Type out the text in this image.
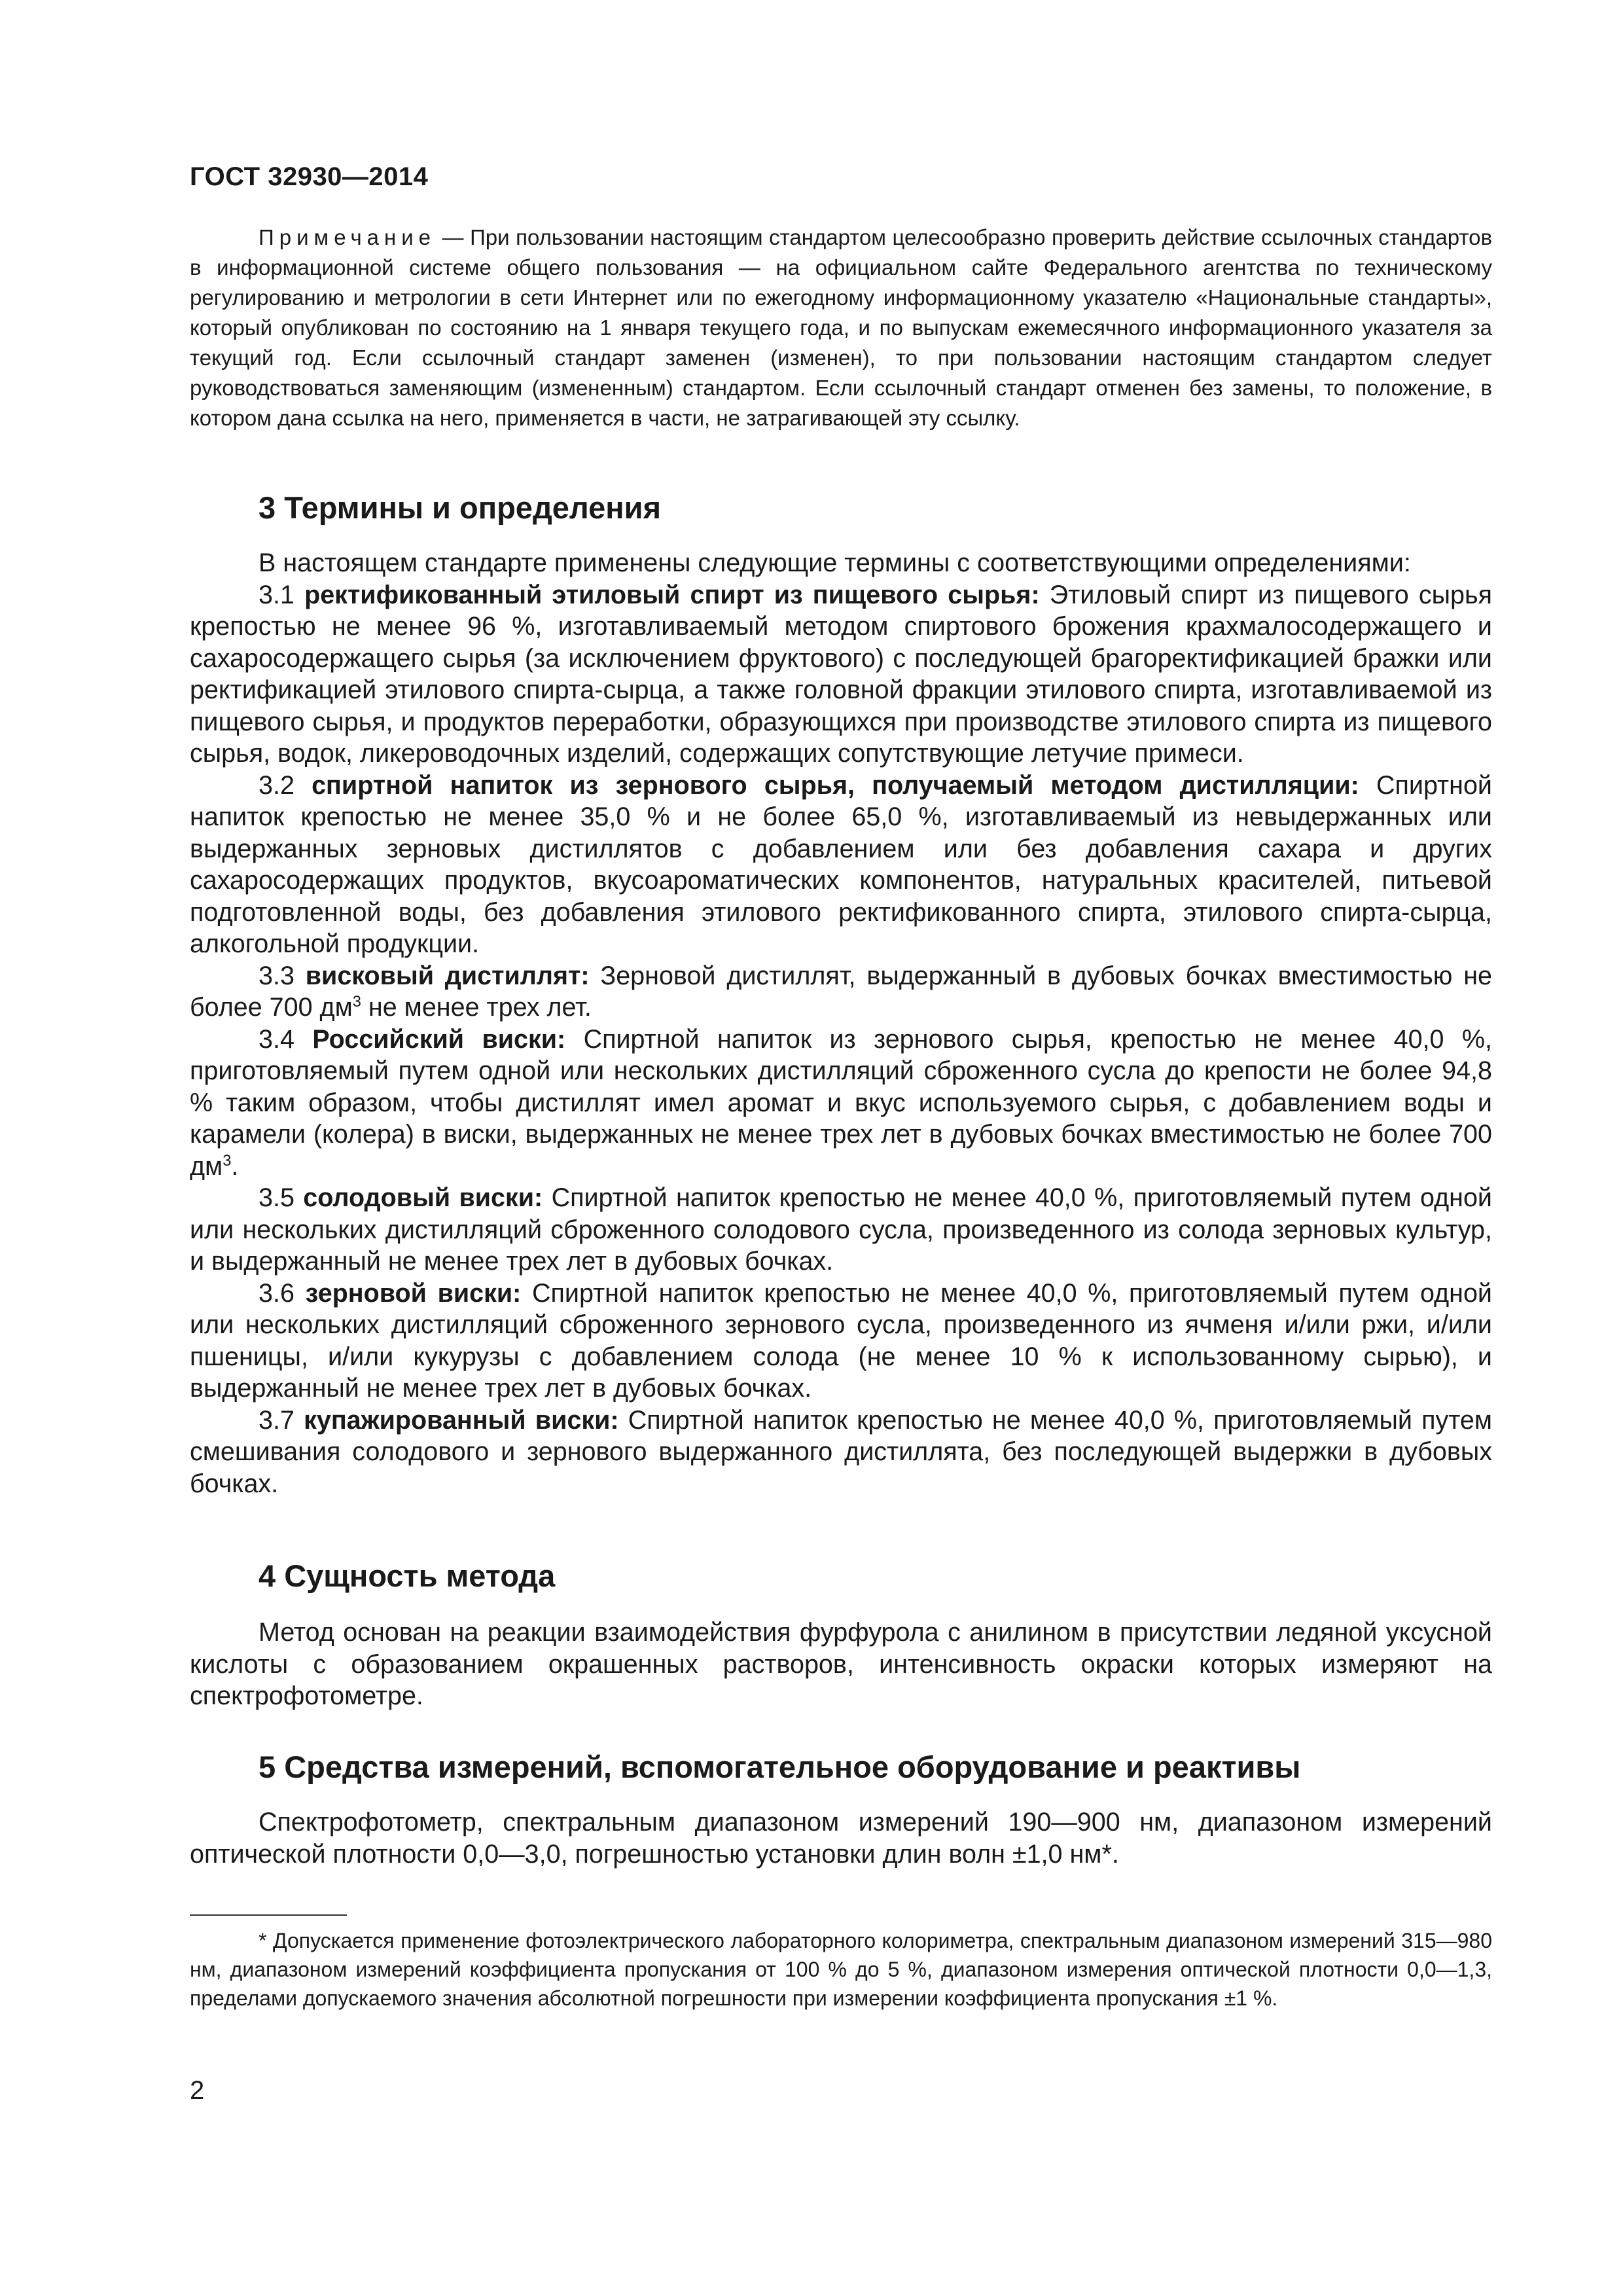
ГОСТ 32930—2014
Примечание — При пользовании настоящим стандартом целесообразно проверить действие ссылочных стандартов в информационной системе общего пользования — на официальном сайте Федерального агентства по техническому регулированию и метрологии в сети Интернет или по ежегодному информационному указателю «Национальные стандарты», который опубликован по состоянию на 1 января текущего года, и по выпускам ежемесячного информационного указателя за текущий год. Если ссылочный стандарт заменен (изменен), то при пользовании настоящим стандартом следует руководствоваться заменяющим (измененным) стандартом. Если ссылочный стандарт отменен без замены, то положение, в котором дана ссылка на него, применяется в части, не затрагивающей эту ссылку.
3 Термины и определения

В настоящем стандарте применены следующие термины с соответствующими определениями:

3.1 ректификованный этиловый спирт из пищевого сырья: Этиловый спирт из пищевого сырья крепостью не менее 96 %, изготавливаемый методом спиртового брожения крахмалосодержащего и сахаросодержащего сырья (за исключением фруктового) с последующей брагоректификацией бражки или ректификацией этилового спирта-сырца, а также головной фракции этилового спирта, изготавливаемой из пищевого сырья, и продуктов переработки, образующихся при производстве этилового спирта из пищевого сырья, водок, ликероводочных изделий, содержащих сопутствующие летучие примеси.

3.2 спиртной напиток из зернового сырья, получаемый методом дистилляции: Спиртной напиток крепостью не менее 35,0 % и не более 65,0 %, изготавливаемый из невыдержанных или выдержанных зерновых дистиллятов с добавлением или без добавления сахара и других сахаросодержащих продуктов, вкусоароматических компонентов, натуральных красителей, питьевой подготовленной воды, без добавления этилового ректификованного спирта, этилового спирта-сырца, алкогольной продукции.

3.3 висковый дистиллят: Зерновой дистиллят, выдержанный в дубовых бочках вместимостью не более 700 $дм^3$ не менее трех лет.

3.4 Российский виски: Спиртной напиток из зернового сырья, крепостью не менее 40,0 %, приготовляемый путем одной или нескольких дистилляций сброженного сусла до крепости не более 94,8 % таким образом, чтобы дистиллят имел аромат и вкус используемого сырья, с добавлением воды и карамели (колера) в виски, выдержанных не менее трех лет в дубовых бочках вместимостью не более 700 $дм^3$.

3.5 солодовый виски: Спиртной напиток крепостью не менее 40,0 %, приготовляемый путем одной или нескольких дистилляций сброженного солодового сусла, произведенного из солода зерновых культур, и выдержанный не менее трех лет в дубовых бочках.

3.6 зерновой виски: Спиртной напиток крепостью не менее 40,0 %, приготовляемый путем одной или нескольких дистилляций сброженного зернового сусла, произведенного из ячменя и/или ржи, и/или пшеницы, и/или кукурузы с добавлением солода (не менее 10 % к использованному сырью), и выдержанный не менее трех лет в дубовых бочках.

3.7 купажированный виски: Спиртной напиток крепостью не менее 40,0 %, приготовляемый путем смешивания солодового и зернового выдержанного дистиллята, без последующей выдержки в дубовых бочках.

4 Сущность метода

Метод основан на реакции взаимодействия фурфурола с анилином в присутствии ледяной уксусной кислоты с образованием окрашенных растворов, интенсивность окраски которых измеряют на спектрофотометре.

5 Средства измерений, вспомогательное оборудование и реактивы

Спектрофотометр, спектральным диапазоном измерений 190—900 нм, диапазоном измерений оптической плотности 0,0—3,0, погрешностью установки длин волн ±1,0 нм*.

* Допускается применение фотоэлектрического лабораторного колориметра, спектральным диапазоном измерений 315—980 нм, диапазоном измерений коэффициента пропускания от 100 % до 5 %, диапазоном измерения оптической плотности 0,0—1,3, пределами допускаемого значения абсолютной погрешности при измерении коэффициента пропускания ±1 %.

2
